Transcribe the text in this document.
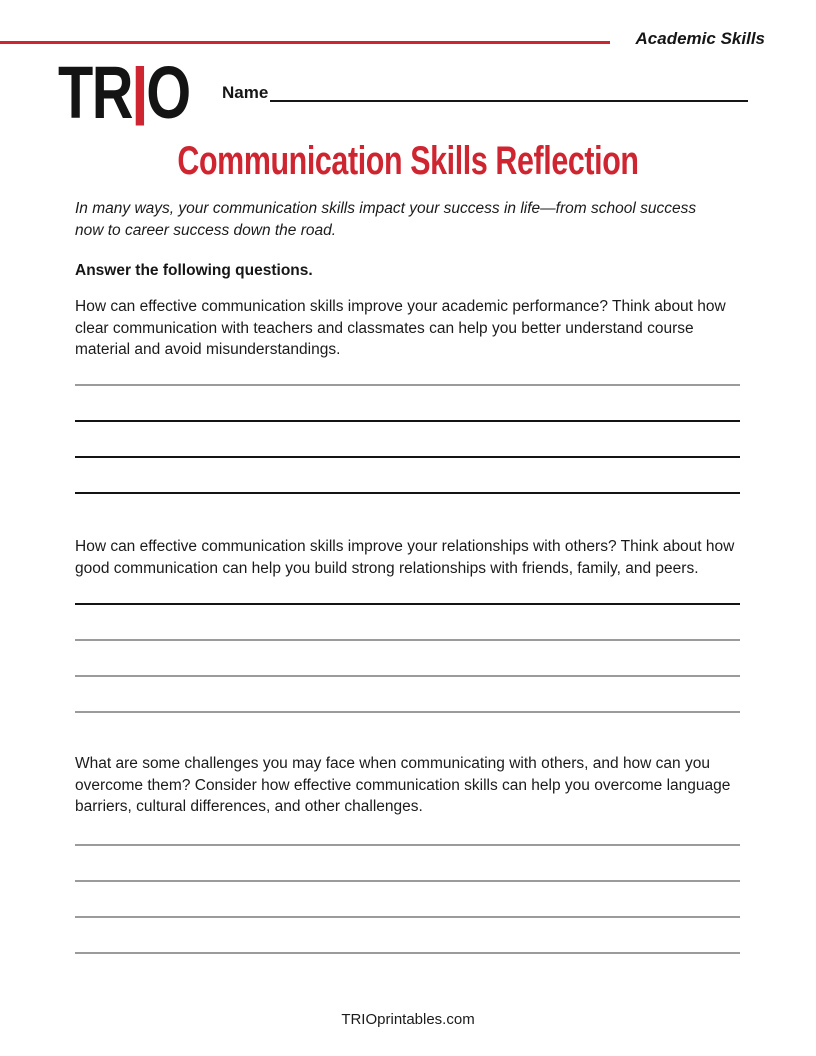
Academic Skills
TRIO Name
Communication Skills Reflection
In many ways, your communication skills impact your success in life—from school success now to career success down the road.
Answer the following questions.
How can effective communication skills improve your academic performance? Think about how clear communication with teachers and classmates can help you better understand course material and avoid misunderstandings.
How can effective communication skills improve your relationships with others? Think about how good communication can help you build strong relationships with friends, family, and peers.
What are some challenges you may face when communicating with others, and how can you overcome them? Consider how effective communication skills can help you overcome language barriers, cultural differences, and other challenges.
TRIOprintables.com
